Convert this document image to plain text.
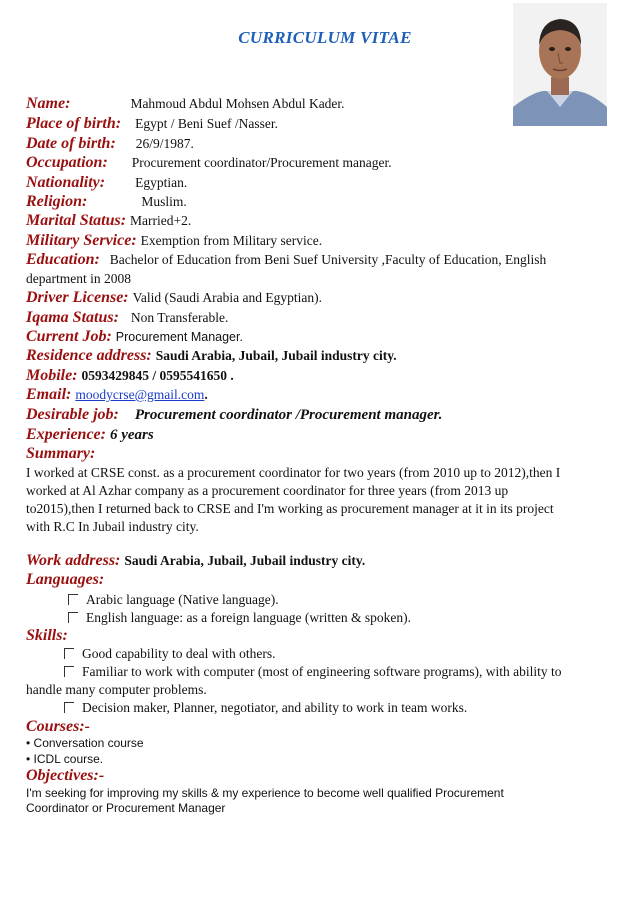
CURRICULUM VITAE
Name:	Mahmoud Abdul Mohsen Abdul Kader.
Place of birth: Egypt / Beni Suef /Nasser.
Date of birth: 26/9/1987.
Occupation: Procurement coordinator/Procurement manager.
Nationality: Egyptian.
Religion:	Muslim.
Marital Status: Married+2.
Military Service: Exemption from Military service.
Education: Bachelor of Education from Beni Suef University ,Faculty of Education, English
department in 2008
Driver License: Valid (Saudi Arabia and Egyptian).
Iqama Status: Non Transferable.
Current Job: Procurement Manager.
Residence address: Saudi Arabia, Jubail, Jubail industry city.
Mobile: 0593429845 / 0595541650 .
Email: moodycrse@gmail.com.
Desirable job: Procurement coordinator /Procurement manager.
Experience: 6 years
Summary:
I worked at CRSE const. as a procurement coordinator for two years (from 2010 up to 2012),then I
worked at Al Azhar company as a procurement coordinator for three years (from 2013 up
to2015),then I returned back to CRSE and I'm working as procurement manager at it in its project
with R.C In Jubail industry city.
Work address: Saudi Arabia, Jubail, Jubail industry city.
Languages:
Arabic language (Native language).
English language: as a foreign language (written & spoken).
Skills:
Good capability to deal with others.
Familiar to work with computer (most of engineering software programs), with ability to
handle many computer problems.
Decision maker, Planner, negotiator, and ability to work in team works.
Courses:-
• Conversation course
• ICDL course.
Objectives:-
I'm seeking for improving my skills & my experience to become well qualified Procurement
Coordinator or Procurement Manager
